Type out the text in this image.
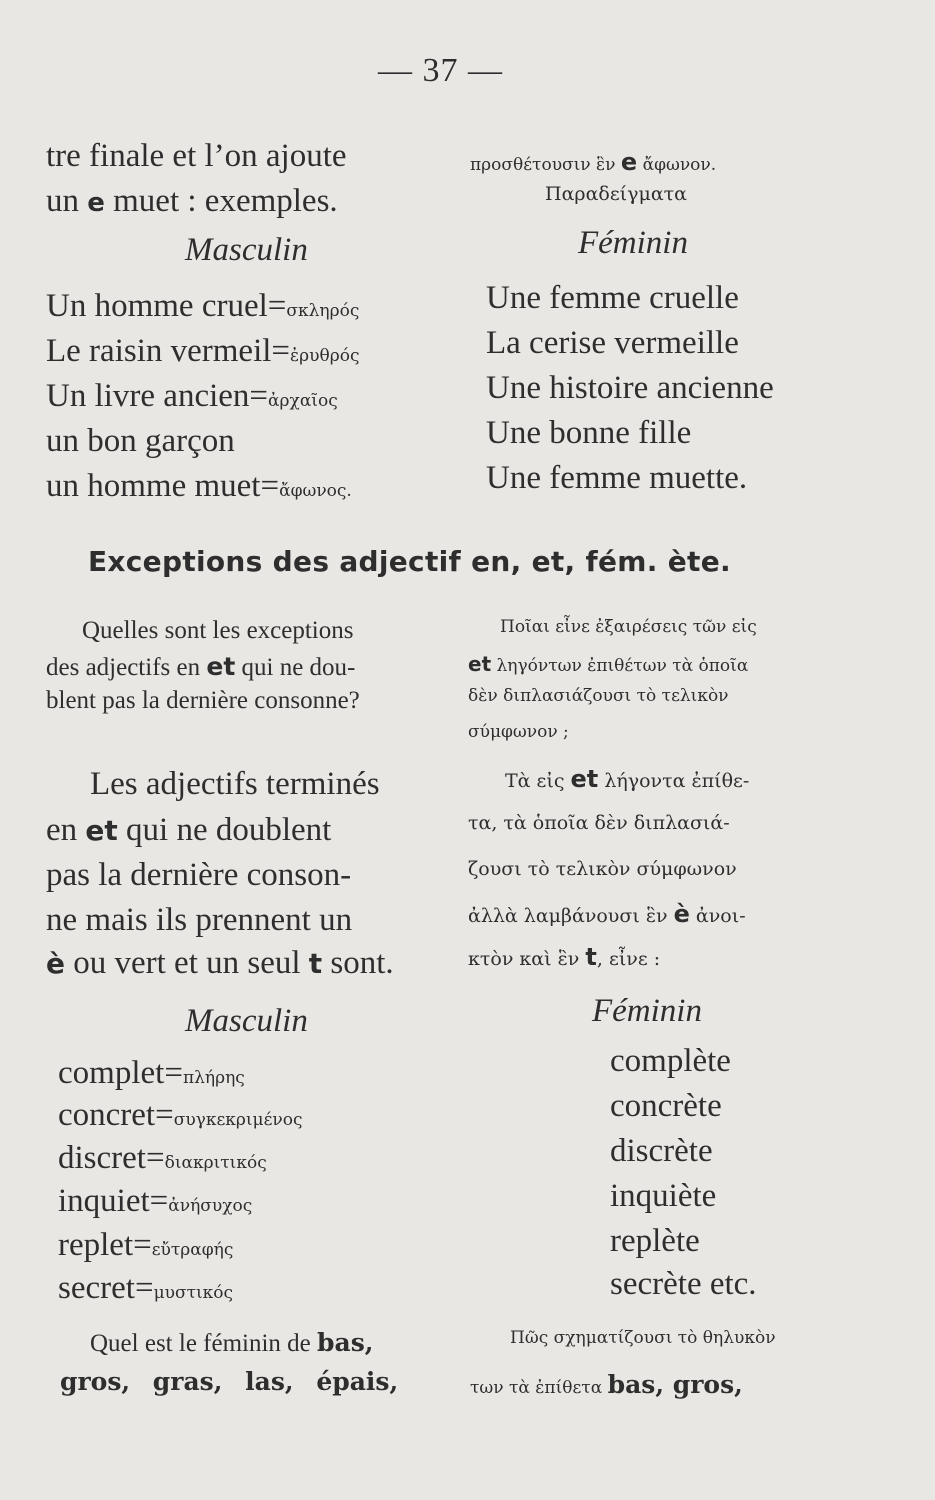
— 37 —
tre finale et l’on ajoute
un e muet : exemples.
προσθέτουσιν ἓν e ἄφωνον.
Παραδείγματα
Masculin	Féminin
Un homme cruel=σκληρός
Le raisin vermeil=ἐρυθρός
Un livre ancien=ἀρχαῖος
un bon garçon
un homme muet=ἄφωνος.
Une femme cruelle
La cerise vermeille
Une histoire ancienne
Une bonne fille
Une femme muette.
Exceptions des adjectif en, et, fém. ète.
Quelles sont les exceptions
des adjectifs en et qui ne dou-
blent pas la dernière consonne?
Ποῖαι εἶνε ἐξαιρέσεις τῶν εἰς
et ληγόντων ἐπιθέτων τὰ ὁποῖα
δὲν διπλασιάζουσι τὸ τελικὸν
σύμφωνον ;
Les adjectifs terminés
en et qui ne doublent
pas la dernière conson-
ne mais ils prennent un
è ou vert et un seul t sont.
Τὰ εἰς et λήγοντα ἐπίθε-
τα, τὰ ὁποῖα δὲν διπλασιά-
ζουσι τὸ τελικὸν σύμφωνον
ἀλλὰ λαμβάνουσι ἓν è ἀνοι-
κτὸν καὶ ἓν t, εἶνε :
Masculin	Féminin
complet=πλήρης
concret=συγκεκριμένος
discret=διακριτικός
inquiet=ἀνήσυχος
replet=εὔτραφής
secret=μυστικός
complète
concrète
discrète
inquiète
replète
secrète etc.
Quel est le féminin de bas,
gros, gras, las, épais,
Πῶς σχηματίζουσι τὸ θηλυκὸν
των τὰ ἐπίθετα bas, gros,
